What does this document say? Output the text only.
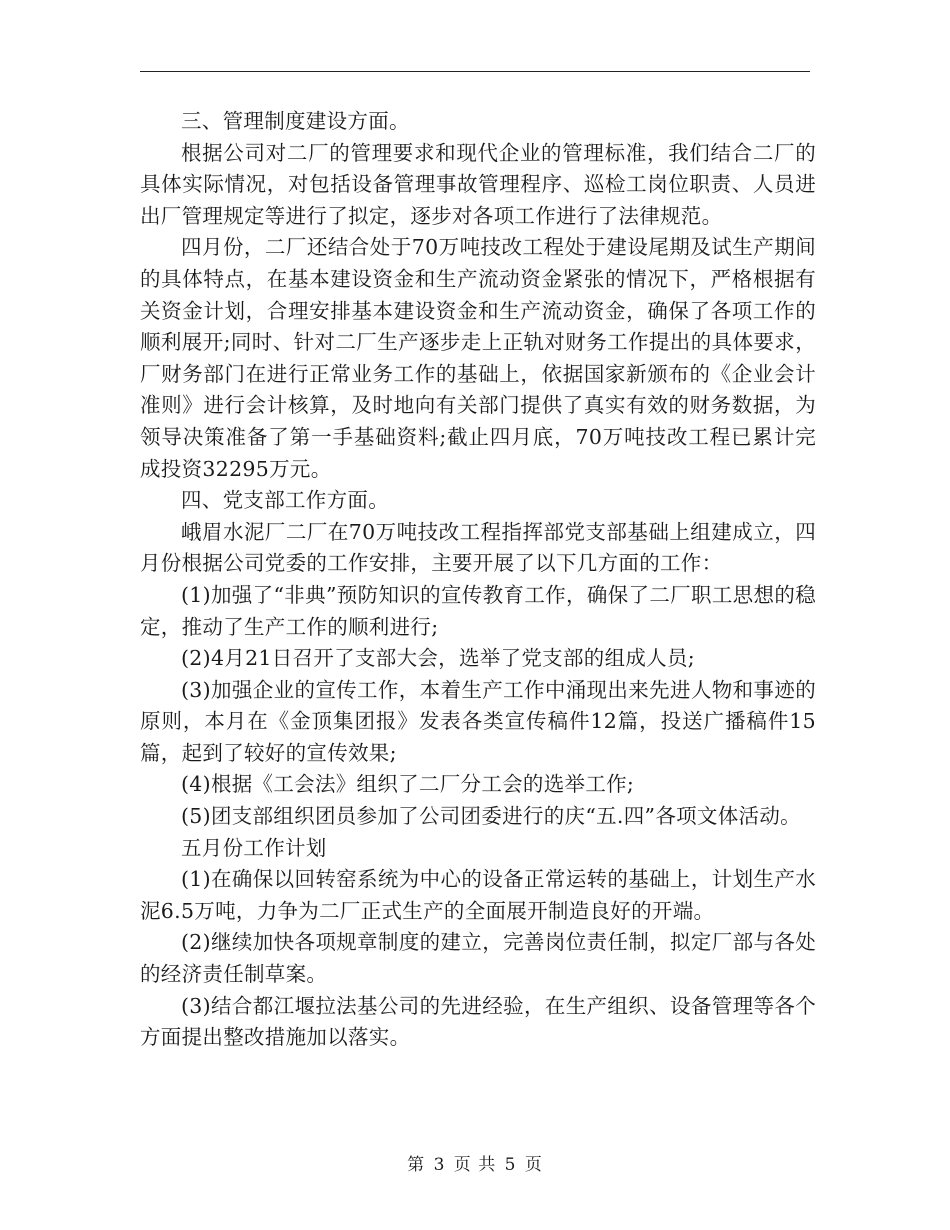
三、管理制度建设方面。

根据公司对二厂的管理要求和现代企业的管理标准，我们结合二厂的具体实际情况，对包括设备管理事故管理程序、巡检工岗位职责、人员进出厂管理规定等进行了拟定，逐步对各项工作进行了法律规范。

四月份，二厂还结合处于70万吨技改工程处于建设尾期及试生产期间的具体特点，在基本建设资金和生产流动资金紧张的情况下，严格根据有关资金计划，合理安排基本建设资金和生产流动资金，确保了各项工作的顺利展开;同时、针对二厂生产逐步走上正轨对财务工作提出的具体要求，厂财务部门在进行正常业务工作的基础上，依据国家新颁布的《企业会计准则》进行会计核算，及时地向有关部门提供了真实有效的财务数据，为领导决策准备了第一手基础资料;截止四月底，70万吨技改工程已累计完成投资32295万元。

四、党支部工作方面。

峨眉水泥厂二厂在70万吨技改工程指挥部党支部基础上组建成立，四月份根据公司党委的工作安排，主要开展了以下几方面的工作：

(1)加强了“非典”预防知识的宣传教育工作，确保了二厂职工思想的稳定，推动了生产工作的顺利进行;

(2)4月21日召开了支部大会，选举了党支部的组成人员;

(3)加强企业的宣传工作，本着生产工作中涌现出来先进人物和事迹的原则，本月在《金顶集团报》发表各类宣传稿件12篇，投送广播稿件15篇，起到了较好的宣传效果;

(4)根据《工会法》组织了二厂分工会的选举工作;

(5)团支部组织团员参加了公司团委进行的庆“五.四”各项文体活动。

五月份工作计划

(1)在确保以回转窑系统为中心的设备正常运转的基础上，计划生产水泥6.5万吨，力争为二厂正式生产的全面展开制造良好的开端。

(2)继续加快各项规章制度的建立，完善岗位责任制，拟定厂部与各处的经济责任制草案。

(3)结合都江堰拉法基公司的先进经验，在生产组织、设备管理等各个方面提出整改措施加以落实。

第 3 页 共 5 页
